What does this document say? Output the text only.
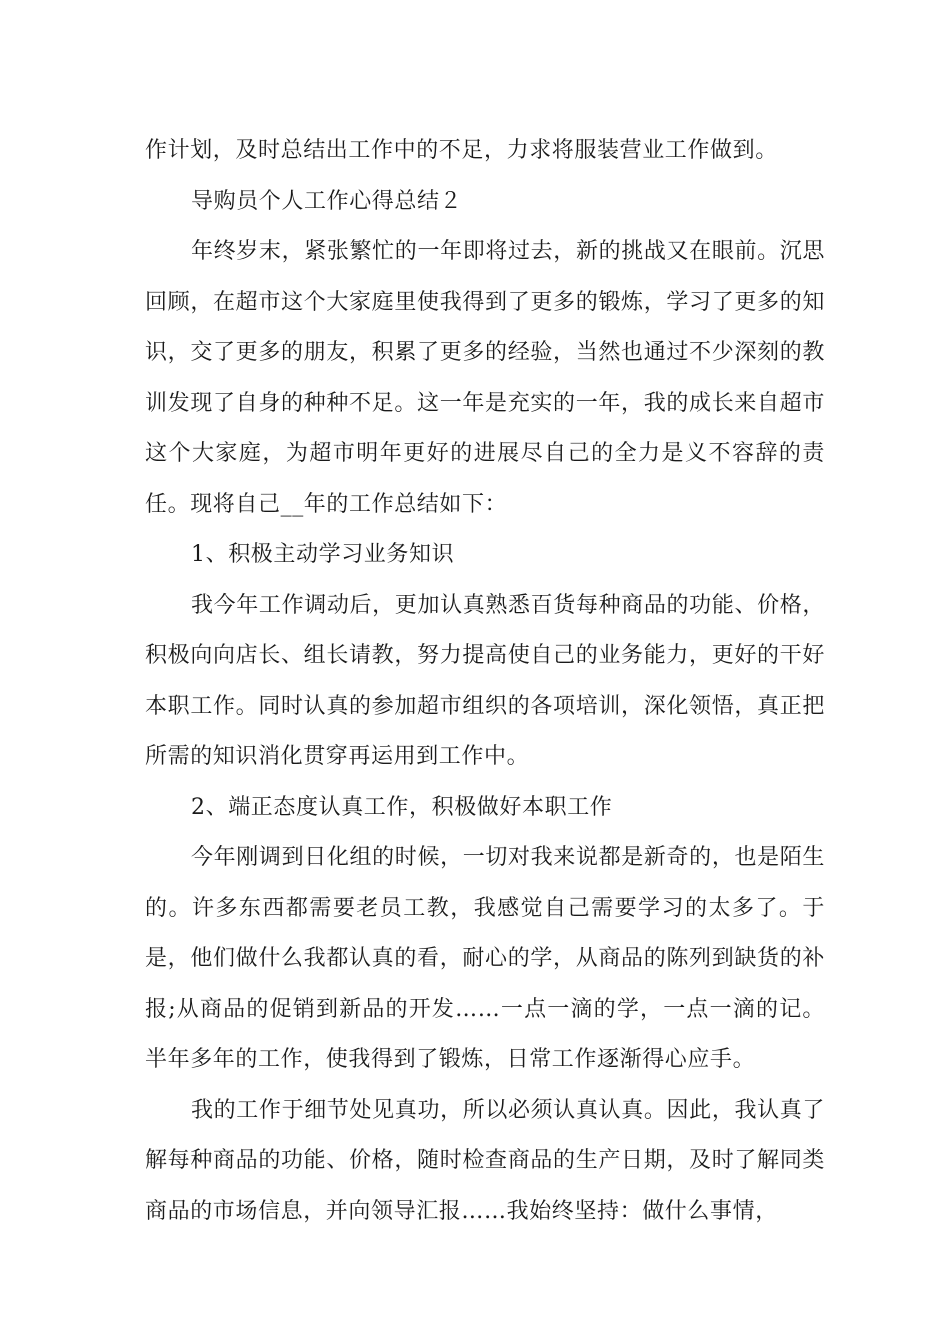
作计划，及时总结出工作中的不足，力求将服装营业工作做到。

导购员个人工作心得总结２

年终岁末，紧张繁忙的一年即将过去，新的挑战又在眼前。沉思回顾，在超市这个大家庭里使我得到了更多的锻炼，学习了更多的知识，交了更多的朋友，积累了更多的经验，当然也通过不少深刻的教训发现了自身的种种不足。这一年是充实的一年，我的成长来自超市这个大家庭，为超市明年更好的进展尽自己的全力是义不容辞的责任。现将自己__年的工作总结如下：

1、积极主动学习业务知识

我今年工作调动后，更加认真熟悉百货每种商品的功能、价格，积极向向店长、组长请教，努力提高使自己的业务能力，更好的干好本职工作。同时认真的参加超市组织的各项培训，深化领悟，真正把所需的知识消化贯穿再运用到工作中。

2、端正态度认真工作，积极做好本职工作

今年刚调到日化组的时候，一切对我来说都是新奇的，也是陌生的。许多东西都需要老员工教，我感觉自己需要学习的太多了。于是，他们做什么我都认真的看，耐心的学，从商品的陈列到缺货的补报;从商品的促销到新品的开发……一点一滴的学，一点一滴的记。半年多年的工作，使我得到了锻炼，日常工作逐渐得心应手。

我的工作于细节处见真功，所以必须认真认真。因此，我认真了解每种商品的功能、价格，随时检查商品的生产日期，及时了解同类商品的市场信息，并向领导汇报……我始终坚持：做什么事情，
